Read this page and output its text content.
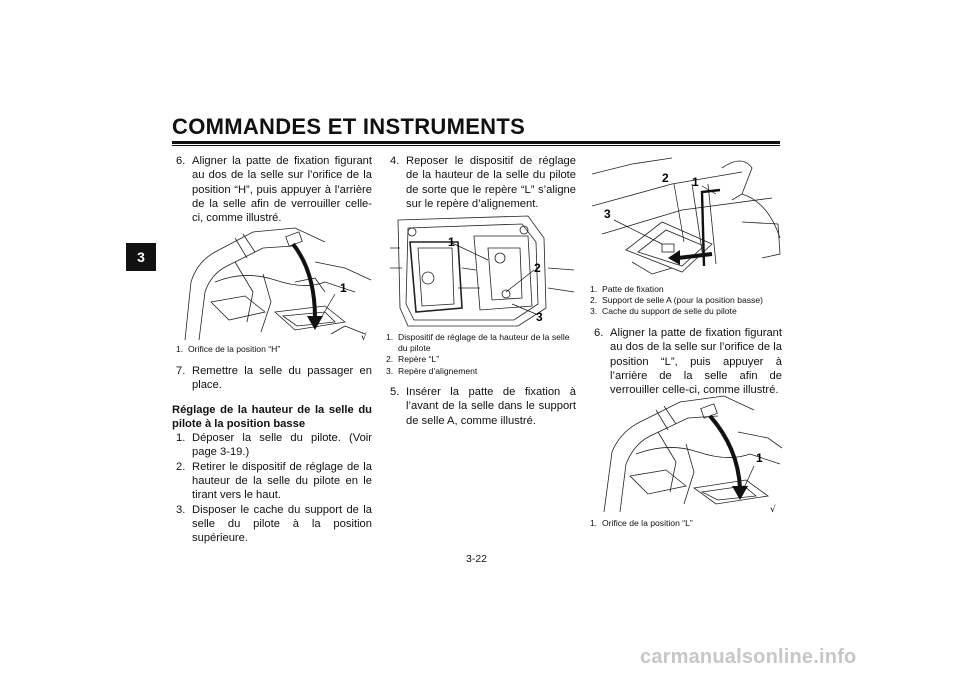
COMMANDES ET INSTRUMENTS
3
6. Aligner la patte de fixation figurant au dos de la selle sur l’orifice de la position “H”, puis appuyer à l’arrière de la selle afin de verrouiller celle-ci, comme illustré.
1
√
1. Orifice de la position “H”
7. Remettre la selle du passager en place.
Réglage de la hauteur de la selle du pilote à la position basse
1. Déposer la selle du pilote. (Voir page 3-19.)
2. Retirer le dispositif de réglage de la hauteur de la selle du pilote en le tirant vers le haut.
3. Disposer le cache du support de la selle du pilote à la position supérieure.
4. Reposer le dispositif de réglage de la hauteur de la selle du pilote de sorte que le repère “L” s’aligne sur le repère d’alignement.
1
2
3
1. Dispositif de réglage de la hauteur de la selle du pilote
2. Repère “L”
3. Repère d’alignement
5. Insérer la patte de fixation à l’avant de la selle dans le support de selle A, comme illustré.
2 1
3
1. Patte de fixation
2. Support de selle A (pour la position basse)
3. Cache du support de selle du pilote
6. Aligner la patte de fixation figurant au dos de la selle sur l’orifice de la position “L”, puis appuyer à l’arrière de la selle afin de verrouiller celle-ci, comme illustré.
1
√
1. Orifice de la position “L”
3-22
carmanualsonline.info
